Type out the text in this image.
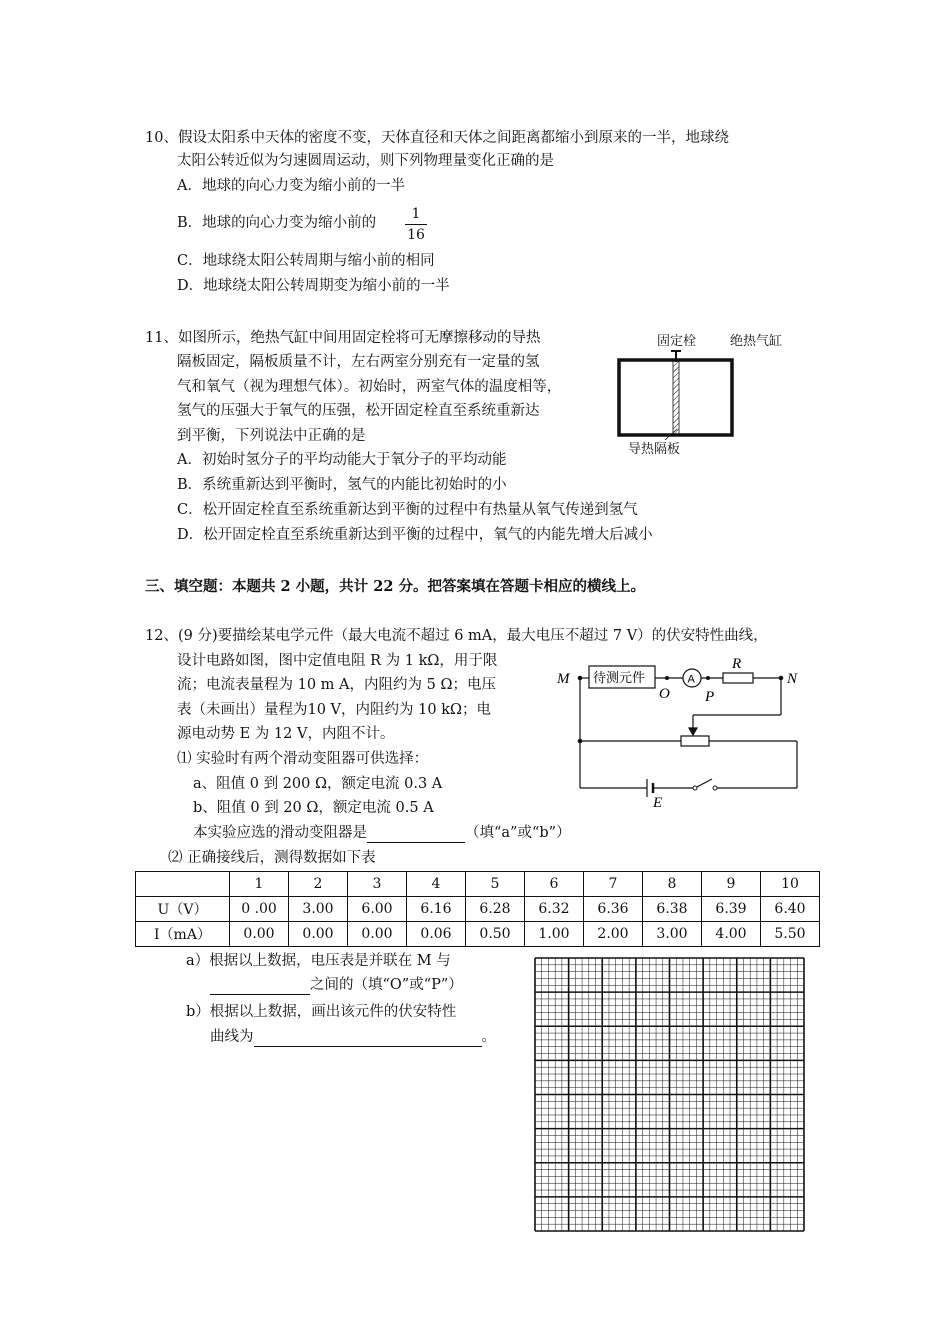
10、假设太阳系中天体的密度不变，天体直径和天体之间距离都缩小到原来的一半，地球绕
太阳公转近似为匀速圆周运动，则下列物理量变化正确的是
A．地球的向心力变为缩小前的一半
B．地球的向心力变为缩小前的
1
16
C．地球绕太阳公转周期与缩小前的相同
D．地球绕太阳公转周期变为缩小前的一半
11、如图所示，绝热气缸中间用固定栓将可无摩擦移动的导热
隔板固定，隔板质量不计，左右两室分别充有一定量的氢
气和氧气（视为理想气体）。初始时，两室气体的温度相等，
氢气的压强大于氧气的压强，松开固定栓直至系统重新达
到平衡，下列说法中正确的是
A．初始时氢分子的平均动能大于氧分子的平均动能
B．系统重新达到平衡时，氢气的内能比初始时的小
C．松开固定栓直至系统重新达到平衡的过程中有热量从氧气传递到氢气
D．松开固定栓直至系统重新达到平衡的过程中，氧气的内能先增大后减小
固定栓	绝热气缸
导热隔板
三、填空题：本题共 2 小题，共计 22 分。把答案填在答题卡相应的横线上。
12、(9 分)要描绘某电学元件（最大电流不超过 6 mA，最大电压不超过 7 V）的伏安特性曲线，
设计电路如图，图中定值电阻 R 为 1 kΩ，用于限
流；电流表量程为 10 m A，内阻约为 5 Ω；电压
表（未画出）量程为10 V，内阻约为 10 kΩ；电
源电动势 E 为 12 V，内阻不计。
⑴ 实验时有两个滑动变阻器可供选择：
a、阻值 0 到 200 Ω，额定电流 0.3 A
b、阻值 0 到 20 Ω，额定电流 0.5 A
本实验应选的滑动变阻器是	（填“a”或“b”）
⑵ 正确接线后，测得数据如下表
M	N
O P
R
E
A
待测元件
	1	2	3	4	5	6	7	8	9	10
U（V）	0 .00	3.00	6.00	6.16	6.28	6.32	6.36	6.38	6.39	6.40
I（mA）	0.00	0.00	0.00	0.06	0.50	1.00	2.00	3.00	4.00	5.50
a）根据以上数据，电压表是并联在 M 与
之间的（填“O”或“P”）
b）根据以上数据，画出该元件的伏安特性
曲线为	。
